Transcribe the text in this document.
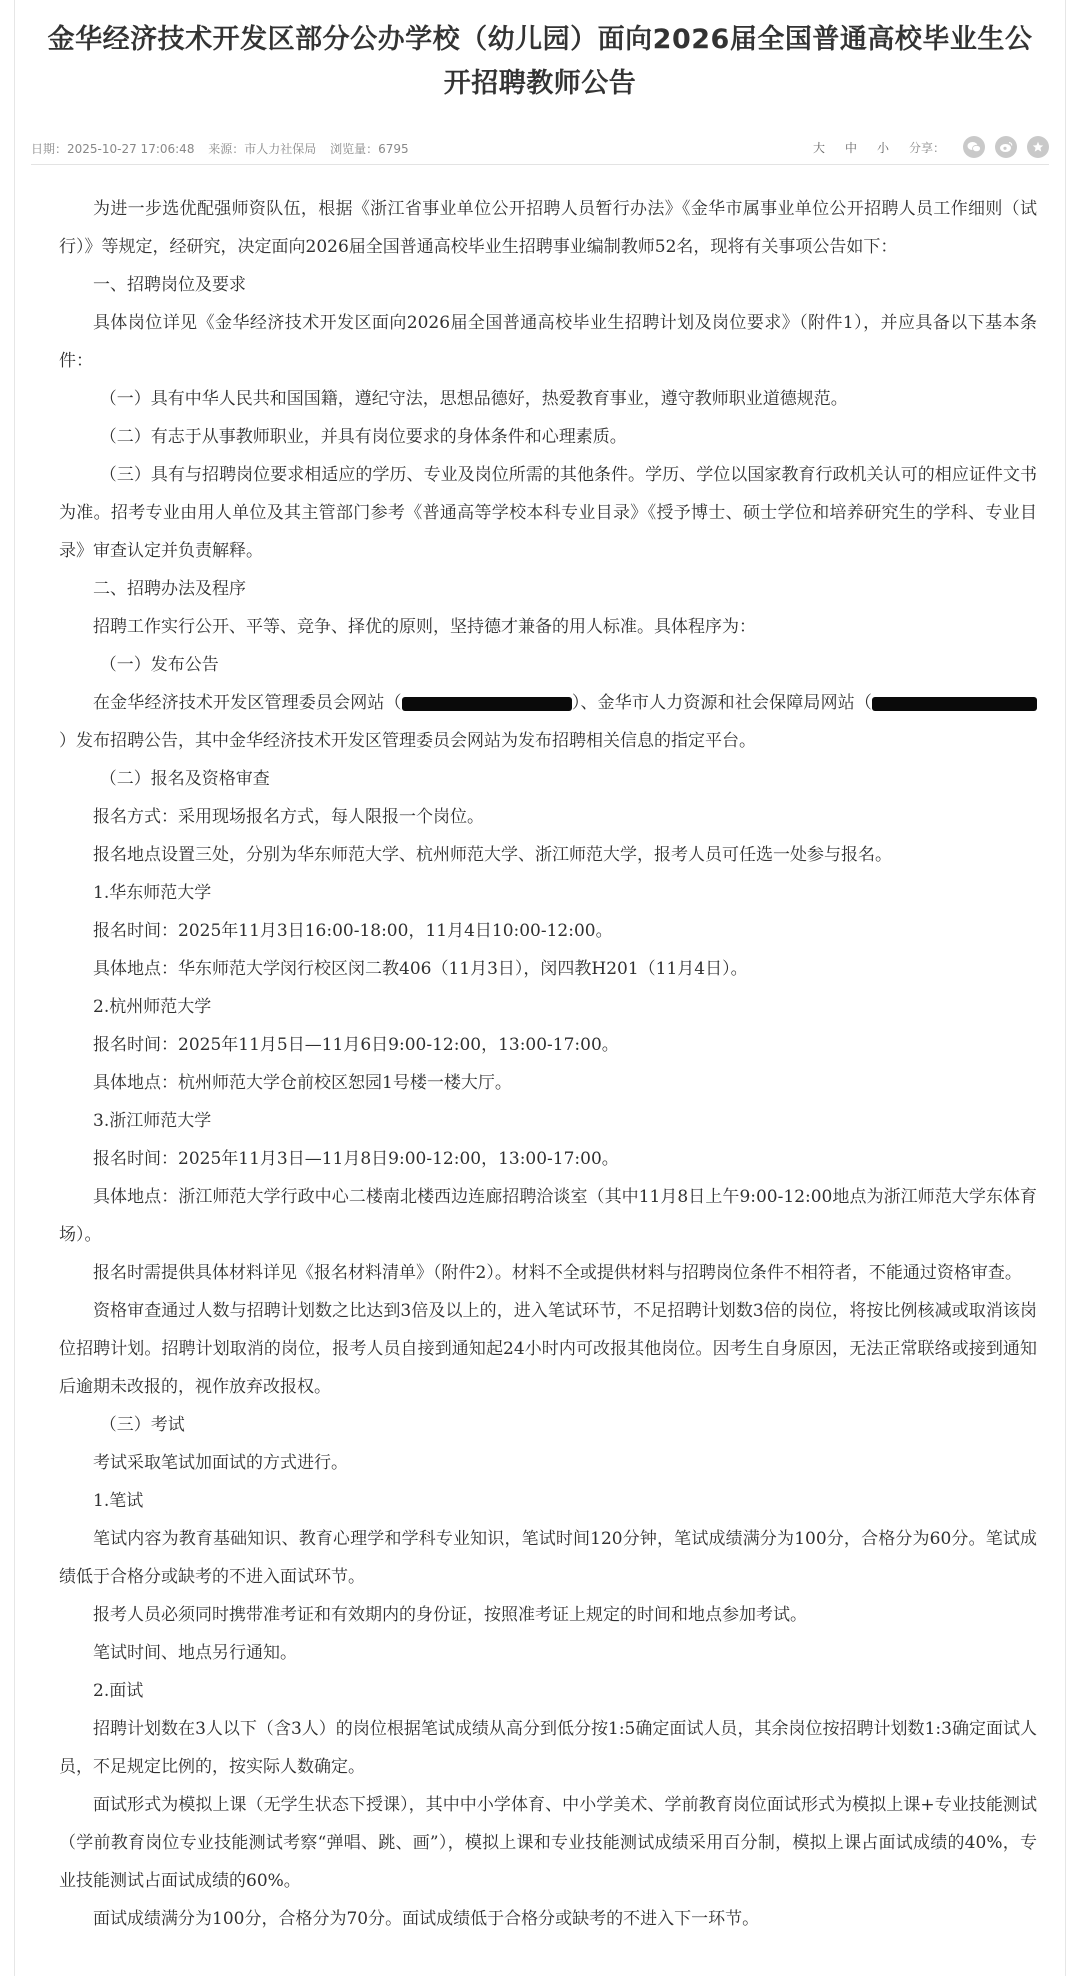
金华经济技术开发区部分公办学校（幼儿园）面向2026届全国普通高校毕业生公开招聘教师公告
日期：2025-10-27 17:06:48 来源：市人力社保局 浏览量：6795	大 中 小 分享：

为进一步选优配强师资队伍，根据《浙江省事业单位公开招聘人员暂行办法》《金华市属事业单位公开招聘人员工作细则（试行）》等规定，经研究，决定面向2026届全国普通高校毕业生招聘事业编制教师52名，现将有关事项公告如下：

一、招聘岗位及要求

具体岗位详见《金华经济技术开发区面向2026届全国普通高校毕业生招聘计划及岗位要求》（附件1），并应具备以下基本条件：

（一）具有中华人民共和国国籍，遵纪守法，思想品德好，热爱教育事业，遵守教师职业道德规范。

（二）有志于从事教师职业，并具有岗位要求的身体条件和心理素质。

（三）具有与招聘岗位要求相适应的学历、专业及岗位所需的其他条件。学历、学位以国家教育行政机关认可的相应证件文书为准。招考专业由用人单位及其主管部门参考《普通高等学校本科专业目录》《授予博士、硕士学位和培养研究生的学科、专业目录》审查认定并负责解释。

二、招聘办法及程序

招聘工作实行公开、平等、竞争、择优的原则，坚持德才兼备的用人标准。具体程序为：

（一）发布公告

在金华经济技术开发区管理委员会网站（	）、金华市人力资源和社会保障局网站（）发布招聘公告，其中金华经济技术开发区管理委员会网站为发布招聘相关信息的指定平台。

（二）报名及资格审查

报名方式：采用现场报名方式，每人限报一个岗位。

报名地点设置三处，分别为华东师范大学、杭州师范大学、浙江师范大学，报考人员可任选一处参与报名。

1.华东师范大学

报名时间：2025年11月3日16:00-18:00，11月4日10:00-12:00。

具体地点：华东师范大学闵行校区闵二教406（11月3日），闵四教H201（11月4日）。

2.杭州师范大学

报名时间：2025年11月5日—11月6日9:00-12:00，13:00-17:00。

具体地点：杭州师范大学仓前校区恕园1号楼一楼大厅。

3.浙江师范大学

报名时间：2025年11月3日—11月8日9:00-12:00，13:00-17:00。

具体地点：浙江师范大学行政中心二楼南北楼西边连廊招聘洽谈室（其中11月8日上午9:00-12:00地点为浙江师范大学东体育场）。

报名时需提供具体材料详见《报名材料清单》（附件2）。材料不全或提供材料与招聘岗位条件不相符者，不能通过资格审查。

资格审查通过人数与招聘计划数之比达到3倍及以上的，进入笔试环节，不足招聘计划数3倍的岗位，将按比例核减或取消该岗位招聘计划。招聘计划取消的岗位，报考人员自接到通知起24小时内可改报其他岗位。因考生自身原因，无法正常联络或接到通知后逾期未改报的，视作放弃改报权。

（三）考试

考试采取笔试加面试的方式进行。

1.笔试

笔试内容为教育基础知识、教育心理学和学科专业知识，笔试时间120分钟，笔试成绩满分为100分，合格分为60分。笔试成绩低于合格分或缺考的不进入面试环节。

报考人员必须同时携带准考证和有效期内的身份证，按照准考证上规定的时间和地点参加考试。

笔试时间、地点另行通知。

2.面试

招聘计划数在3人以下（含3人）的岗位根据笔试成绩从高分到低分按1:5确定面试人员，其余岗位按招聘计划数1:3确定面试人员，不足规定比例的，按实际人数确定。

面试形式为模拟上课（无学生状态下授课），其中中小学体育、中小学美术、学前教育岗位面试形式为模拟上课+专业技能测试（学前教育岗位专业技能测试考察“弹唱、跳、画”），模拟上课和专业技能测试成绩采用百分制，模拟上课占面试成绩的40%，专业技能测试占面试成绩的60%。

面试成绩满分为100分，合格分为70分。面试成绩低于合格分或缺考的不进入下一环节。
